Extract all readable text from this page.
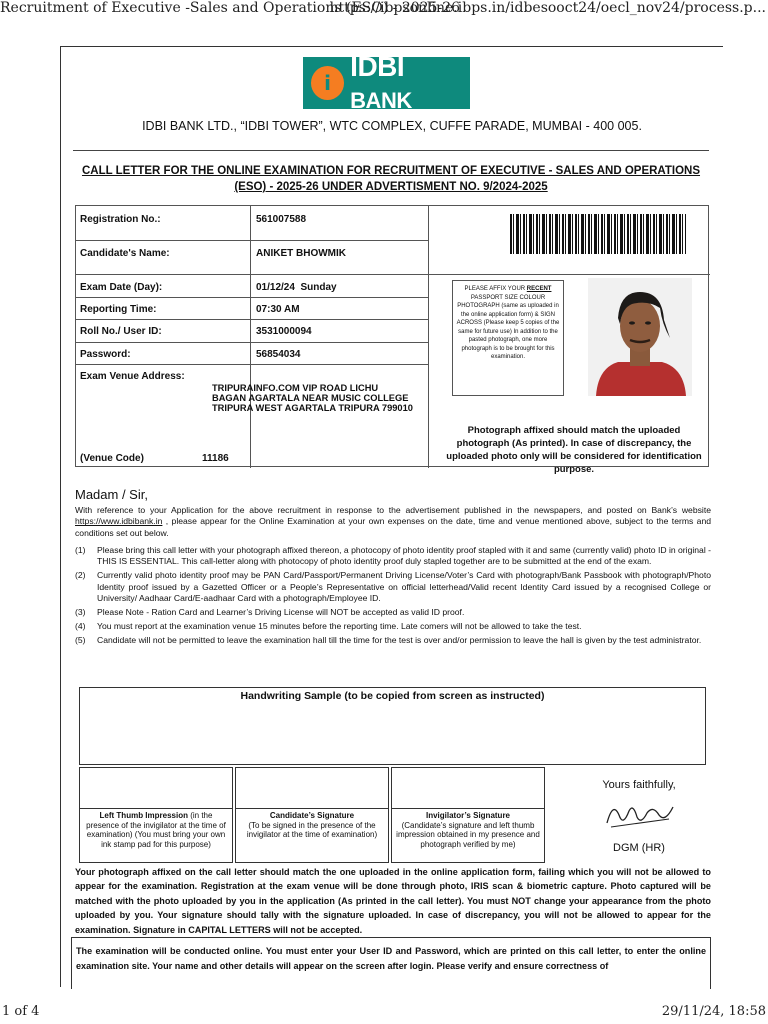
Recruitment of Executive -Sales and Operations (ESO) - 2025-26
https://ibpsonline.ibps.in/idbesooct24/oecl_nov24/process.p...
i
IDBI BANK
IDBI BANK LTD., “IDBI TOWER”, WTC COMPLEX, CUFFE PARADE, MUMBAI - 400 005.
CALL LETTER FOR THE ONLINE EXAMINATION FOR RECRUITMENT OF EXECUTIVE - SALES AND OPERATIONS
(ESO) - 2025-26 UNDER ADVERTISMENT NO. 9/2024-2025
Registration No.:	561007588
Candidate's Name:	ANIKET BHOWMIK
Exam Date (Day):	01/12/24  Sunday
Reporting Time:	07:30 AM
Roll No./ User ID:	3531000094
Password:	56854034
Exam Venue Address:
TRIPURAINFO.COM VIP ROAD LICHU BAGAN AGARTALA NEAR MUSIC COLLEGE TRIPURA WEST AGARTALA TRIPURA 799010
(Venue Code)	11186
PLEASE AFFIX YOUR RECENT PASSPORT SIZE COLOUR PHOTOGRAPH (same as uploaded in the online application form) & SIGN ACROSS (Please keep 5 copies of the same for future use) In addition to the pasted photograph, one more photograph is to be brought for this examination.
Photograph affixed should match the uploaded photograph (As printed). In case of discrepancy, the uploaded photo only will be considered for identification purpose.
Madam / Sir,
With reference to your Application for the above recruitment in response to the advertisement published in the newspapers, and posted on Bank’s website https://www.idbibank.in , please appear for the Online Examination at your own expenses on the date, time and venue mentioned above, subject to the terms and conditions set out below.
(1) Please bring this call letter with your photograph affixed thereon, a photocopy of photo identity proof stapled with it and same (currently valid) photo ID in original - THIS IS ESSENTIAL. This call-letter along with photocopy of photo identity proof duly stapled together are to be submitted at the end of the exam.
(2) Currently valid photo identity proof may be PAN Card/Passport/Permanent Driving License/Voter’s Card with photograph/Bank Passbook with photograph/Photo Identity proof issued by a Gazetted Officer or a People’s Representative on official letterhead/Valid recent Identity Card issued by a recognised College or University/ Aadhaar Card/E-aadhaar Card with a photograph/Employee ID.
(3) Please Note - Ration Card and Learner’s Driving License will NOT be accepted as valid ID proof.
(4) You must report at the examination venue 15 minutes before the reporting time. Late comers will not be allowed to take the test.
(5) Candidate will not be permitted to leave the examination hall till the time for the test is over and/or permission to leave the hall is given by the test administrator.
Handwriting Sample (to be copied from screen as instructed)
Left Thumb Impression (in the presence of the invigilator at the time of examination) (You must bring your own ink stamp pad for this purpose)
Candidate’s Signature
(To be signed in the presence of the invigilator at the time of examination)
Invigilator’s Signature
(Candidate’s signature and left thumb impression obtained in my presence and photograph verified by me)
Yours faithfully,
DGM (HR)
Your photograph affixed on the call letter should match the one uploaded in the online application form, failing which you will not be allowed to appear for the examination. Registration at the exam venue will be done through photo, IRIS scan & biometric capture. Photo captured will be matched with the photo uploaded by you in the application (As printed in the call letter). You must NOT change your appearance from the photo uploaded by you. Your signature should tally with the signature uploaded. In case of discrepancy, you will not be allowed to appear for the examination. Signature in CAPITAL LETTERS will not be accepted.
The examination will be conducted online. You must enter your User ID and Password, which are printed on this call letter, to enter the online examination site. Your name and other details will appear on the screen after login. Please verify and ensure correctness of
1 of 4	29/11/24, 18:58
